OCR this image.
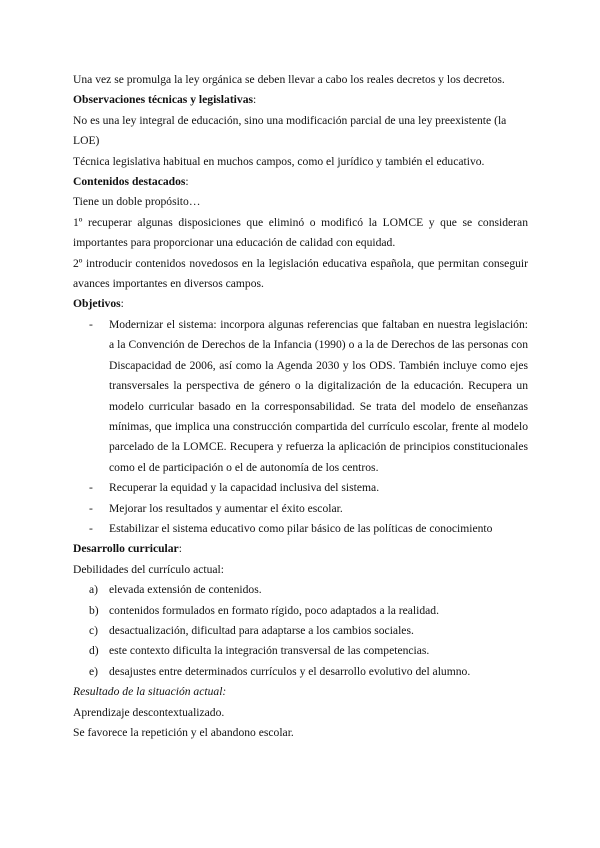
Una vez se promulga la ley orgánica se deben llevar a cabo los reales decretos y los decretos.

Observaciones técnicas y legislativas:

No es una ley integral de educación, sino una modificación parcial de una ley preexistente (la LOE)

Técnica legislativa habitual en muchos campos, como el jurídico y también el educativo.

Contenidos destacados:

Tiene un doble propósito…

1º recuperar algunas disposiciones que eliminó o modificó la LOMCE y que se consideran importantes para proporcionar una educación de calidad con equidad.

2º introducir contenidos novedosos en la legislación educativa española, que permitan conseguir avances importantes en diversos campos.

Objetivos:

- Modernizar el sistema: incorpora algunas referencias que faltaban en nuestra legislación: a la Convención de Derechos de la Infancia (1990) o a la de Derechos de las personas con Discapacidad de 2006, así como la Agenda 2030 y los ODS. También incluye como ejes transversales la perspectiva de género o la digitalización de la educación. Recupera un modelo curricular basado en la corresponsabilidad. Se trata del modelo de enseñanzas mínimas, que implica una construcción compartida del currículo escolar, frente al modelo parcelado de la LOMCE. Recupera y refuerza la aplicación de principios constitucionales como el de participación o el de autonomía de los centros.
- Recuperar la equidad y la capacidad inclusiva del sistema.
- Mejorar los resultados y aumentar el éxito escolar.
- Estabilizar el sistema educativo como pilar básico de las políticas de conocimiento

Desarrollo curricular:

Debilidades del currículo actual:

a) elevada extensión de contenidos.
b) contenidos formulados en formato rígido, poco adaptados a la realidad.
c) desactualización, dificultad para adaptarse a los cambios sociales.
d) este contexto dificulta la integración transversal de las competencias.
e) desajustes entre determinados currículos y el desarrollo evolutivo del alumno.

Resultado de la situación actual:

Aprendizaje descontextualizado.

Se favorece la repetición y el abandono escolar.
